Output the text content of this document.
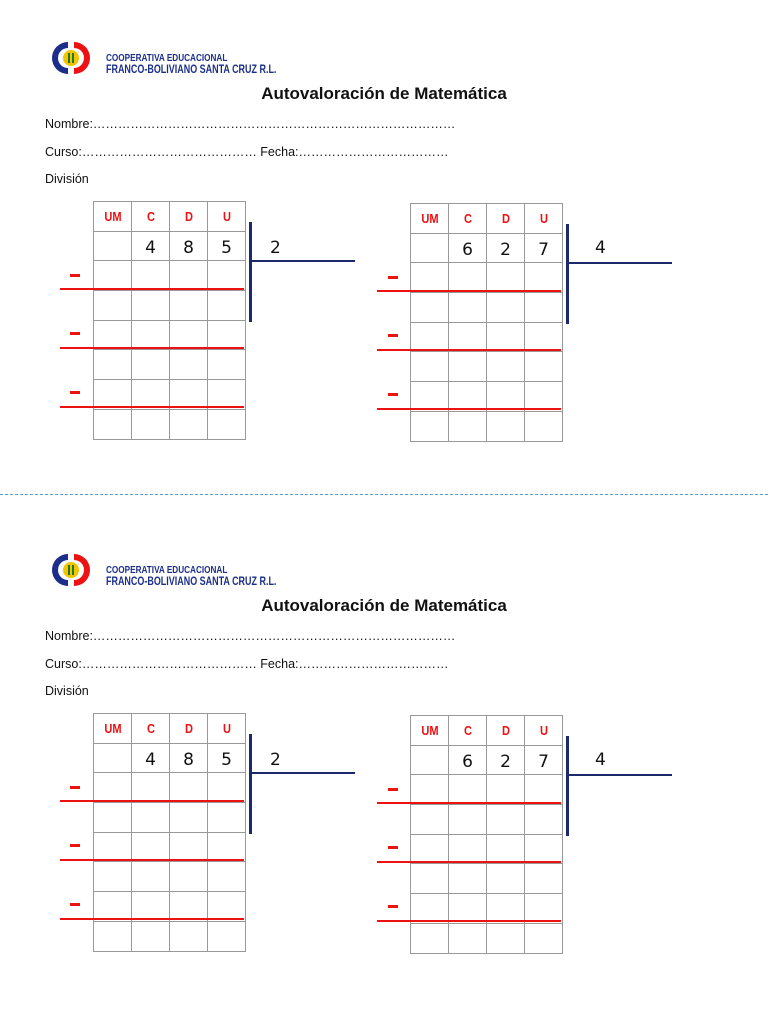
COOPERATIVA EDUCACIONAL
FRANCO-BOLIVIANO SANTA CRUZ R.L.
Autovaloración de Matemática
Nombre:……………………………………………………………………………
Curso:…………………………………… Fecha:………………………………
División
UM	C	D	U
	4	8	5

			2
UM	C	D	U
	6	2	7

				4
COOPERATIVA EDUCACIONAL
FRANCO-BOLIVIANO SANTA CRUZ R.L.
Autovaloración de Matemática
Nombre:……………………………………………………………………………
Curso:…………………………………… Fecha:………………………………
División
UM	C	D	U
	4	8	5

			2
UM	C	D	U
	6	2	7

				4
